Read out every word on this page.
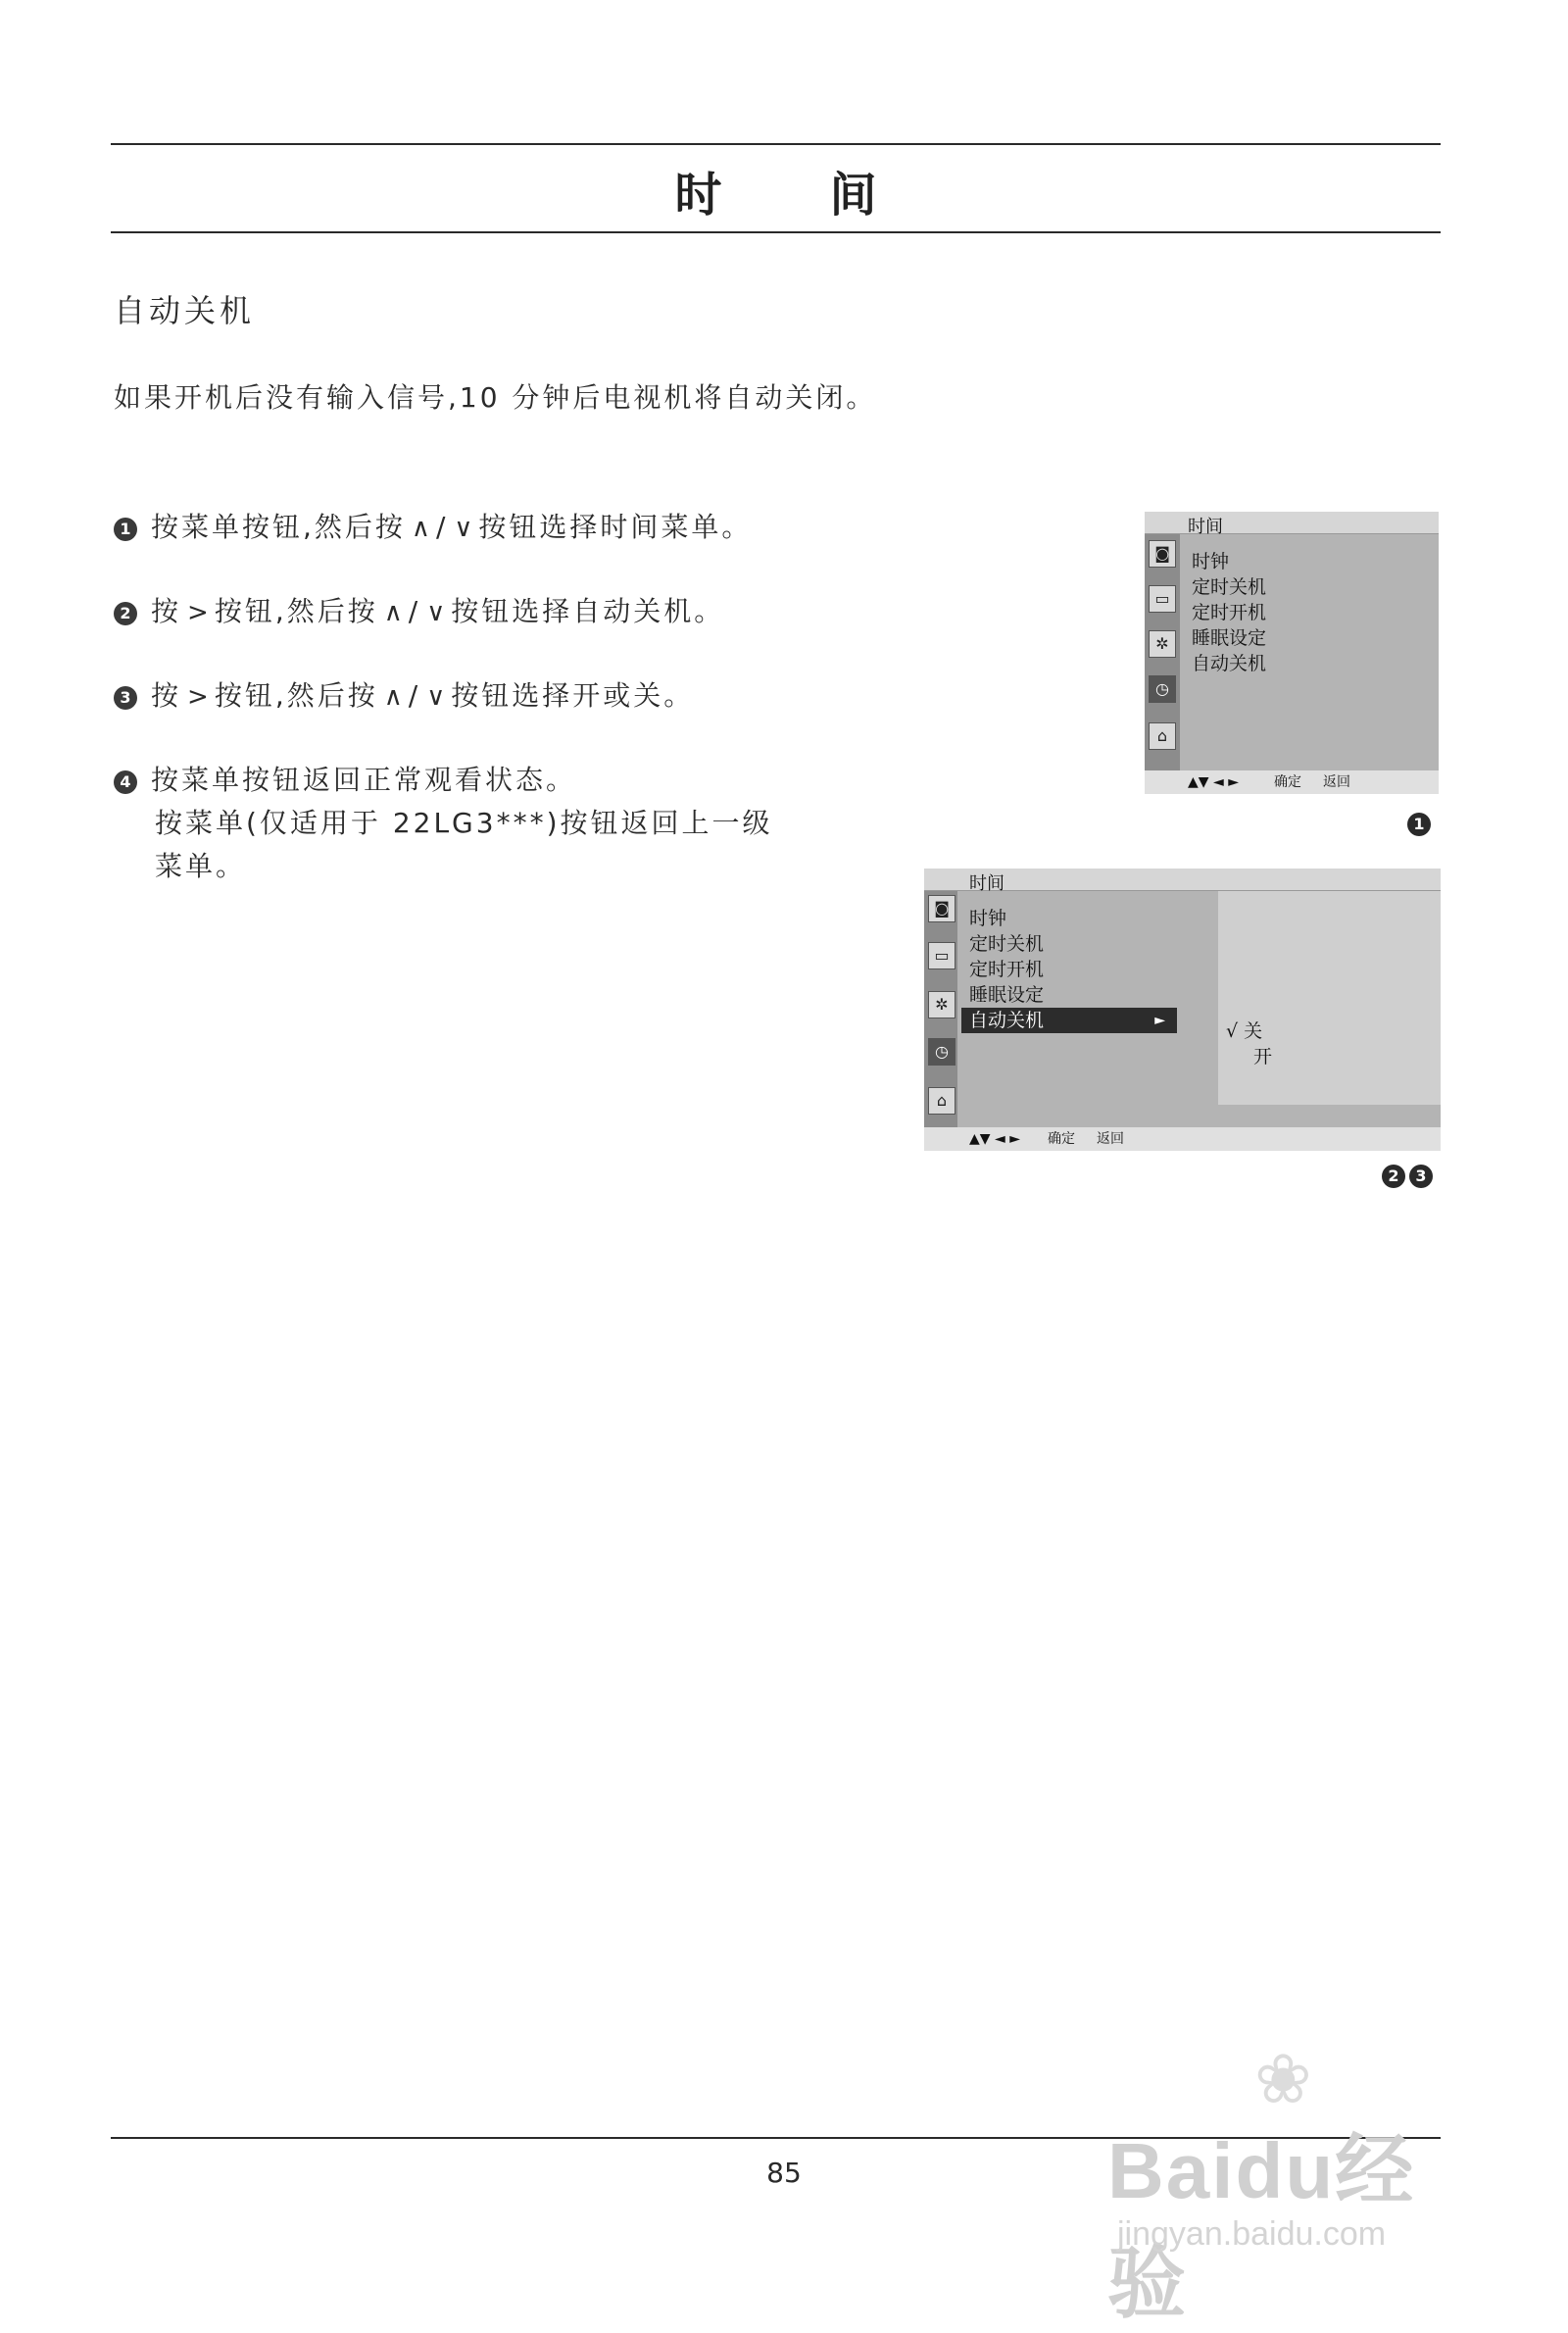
时间
自动关机
如果开机后没有输入信号,10 分钟后电视机将自动关闭。
1 按菜单按钮,然后按 ∧ / ∨ 按钮选择时间菜单。
2 按 > 按钮,然后按 ∧ / ∨ 按钮选择自动关机。
3 按 > 按钮,然后按 ∧ / ∨ 按钮选择开或关。
4 按菜单按钮返回正常观看状态。
按菜单(仅适用于 22LG3***)按钮返回上一级
菜单。
时间
◙
▭
✲
◷
⌂
时钟
定时关机
定时开机
睡眠设定
自动关机
▲▼ ◄ ►	确定 返回
1
时间
◙
▭
✲
◷
⌂
时钟
定时关机
定时开机
睡眠设定
自动关机	►	√ 关
开
▲▼ ◄ ► 确定 返回
2	3
85
❀
Baidu经验
jingyan.baidu.com
